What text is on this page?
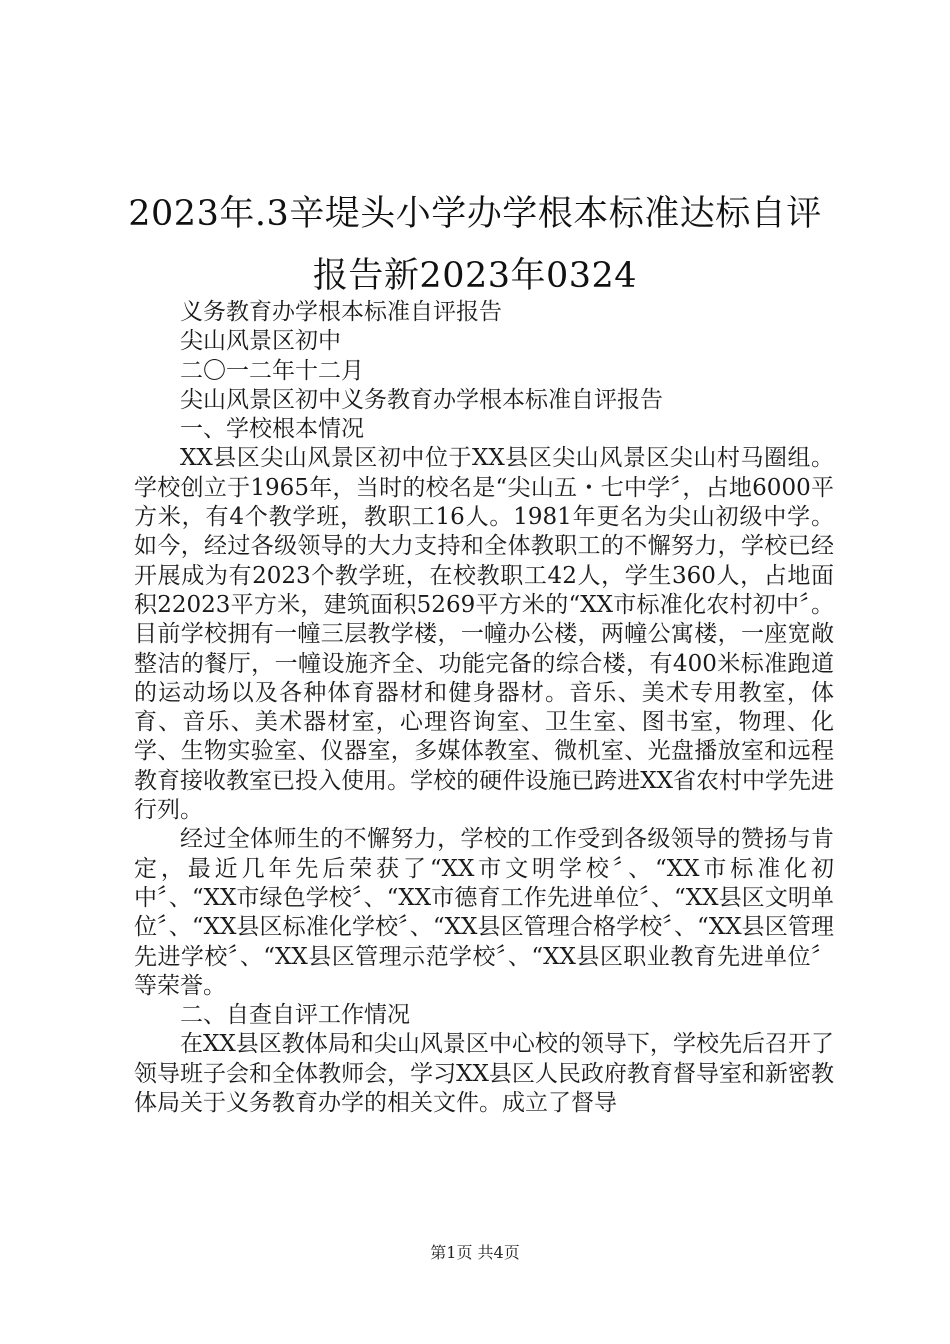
2023年.3辛堤头小学办学根本标准达标自评
报告新2023年0324

义务教育办学根本标准自评报告

尖山风景区初中

二〇一二年十二月

尖山风景区初中义务教育办学根本标准自评报告

一、学校根本情况

XX县区尖山风景区初中位于XX县区尖山风景区尖山村马圈组。学校创立于1965年，当时的校名是“尖山五・七中学〞，占地6000平方米，有4个教学班，教职工16人。1981年更名为尖山初级中学。如今，经过各级领导的大力支持和全体教职工的不懈努力，学校已经开展成为有2023个教学班，在校教职工42人，学生360人，占地面积22023平方米，建筑面积5269平方米的“XX市标准化农村初中〞。目前学校拥有一幢三层教学楼，一幢办公楼，两幢公寓楼，一座宽敞整洁的餐厅，一幢设施齐全、功能完备的综合楼，有400米标准跑道的运动场以及各种体育器材和健身器材。音乐、美术专用教室，体育、音乐、美术器材室，心理咨询室、卫生室、图书室，物理、化学、生物实验室、仪器室，多媒体教室、微机室、光盘播放室和远程教育接收教室已投入使用。学校的硬件设施已跨进XX省农村中学先进行列。

经过全体师生的不懈努力，学校的工作受到各级领导的赞扬与肯定，最近几年先后荣获了“XX市文明学校〞、“XX市标准化初中〞、“XX市绿色学校〞、“XX市德育工作先进单位〞、“XX县区文明单位〞、“XX县区标准化学校〞、“XX县区管理合格学校〞、“XX县区管理先进学校〞、“XX县区管理示范学校〞、“XX县区职业教育先进单位〞等荣誉。

二、自查自评工作情况

在XX县区教体局和尖山风景区中心校的领导下，学校先后召开了领导班子会和全体教师会，学习XX县区人民政府教育督导室和新密教体局关于义务教育办学的相关文件。成立了督导

第1页 共4页
